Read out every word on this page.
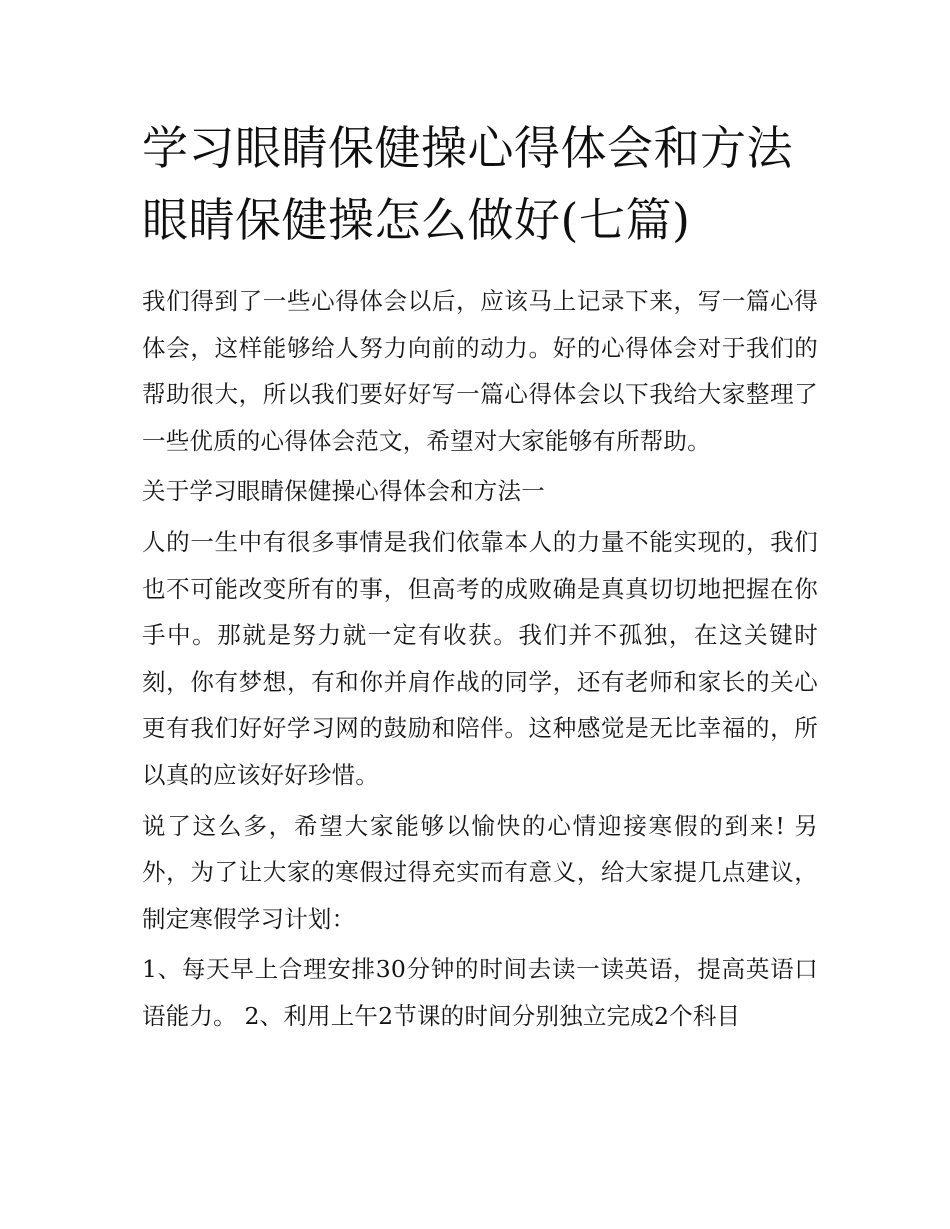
学习眼睛保健操心得体会和方法 眼睛保健操怎么做好(七篇)

我们得到了一些心得体会以后，应该马上记录下来，写一篇心得体会，这样能够给人努力向前的动力。好的心得体会对于我们的帮助很大，所以我们要好好写一篇心得体会以下我给大家整理了一些优质的心得体会范文，希望对大家能够有所帮助。

关于学习眼睛保健操心得体会和方法一

人的一生中有很多事情是我们依靠本人的力量不能实现的，我们也不可能改变所有的事，但高考的成败确是真真切切地把握在你手中。那就是努力就一定有收获。我们并不孤独，在这关键时刻，你有梦想，有和你并肩作战的同学，还有老师和家长的关心更有我们好好学习网的鼓励和陪伴。这种感觉是无比幸福的，所以真的应该好好珍惜。

说了这么多，希望大家能够以愉快的心情迎接寒假的到来! 另外，为了让大家的寒假过得充实而有意义，给大家提几点建议，制定寒假学习计划：

1、每天早上合理安排30分钟的时间去读一读英语，提高英语口语能力。 2、利用上午2节课的时间分别独立完成2个科目
